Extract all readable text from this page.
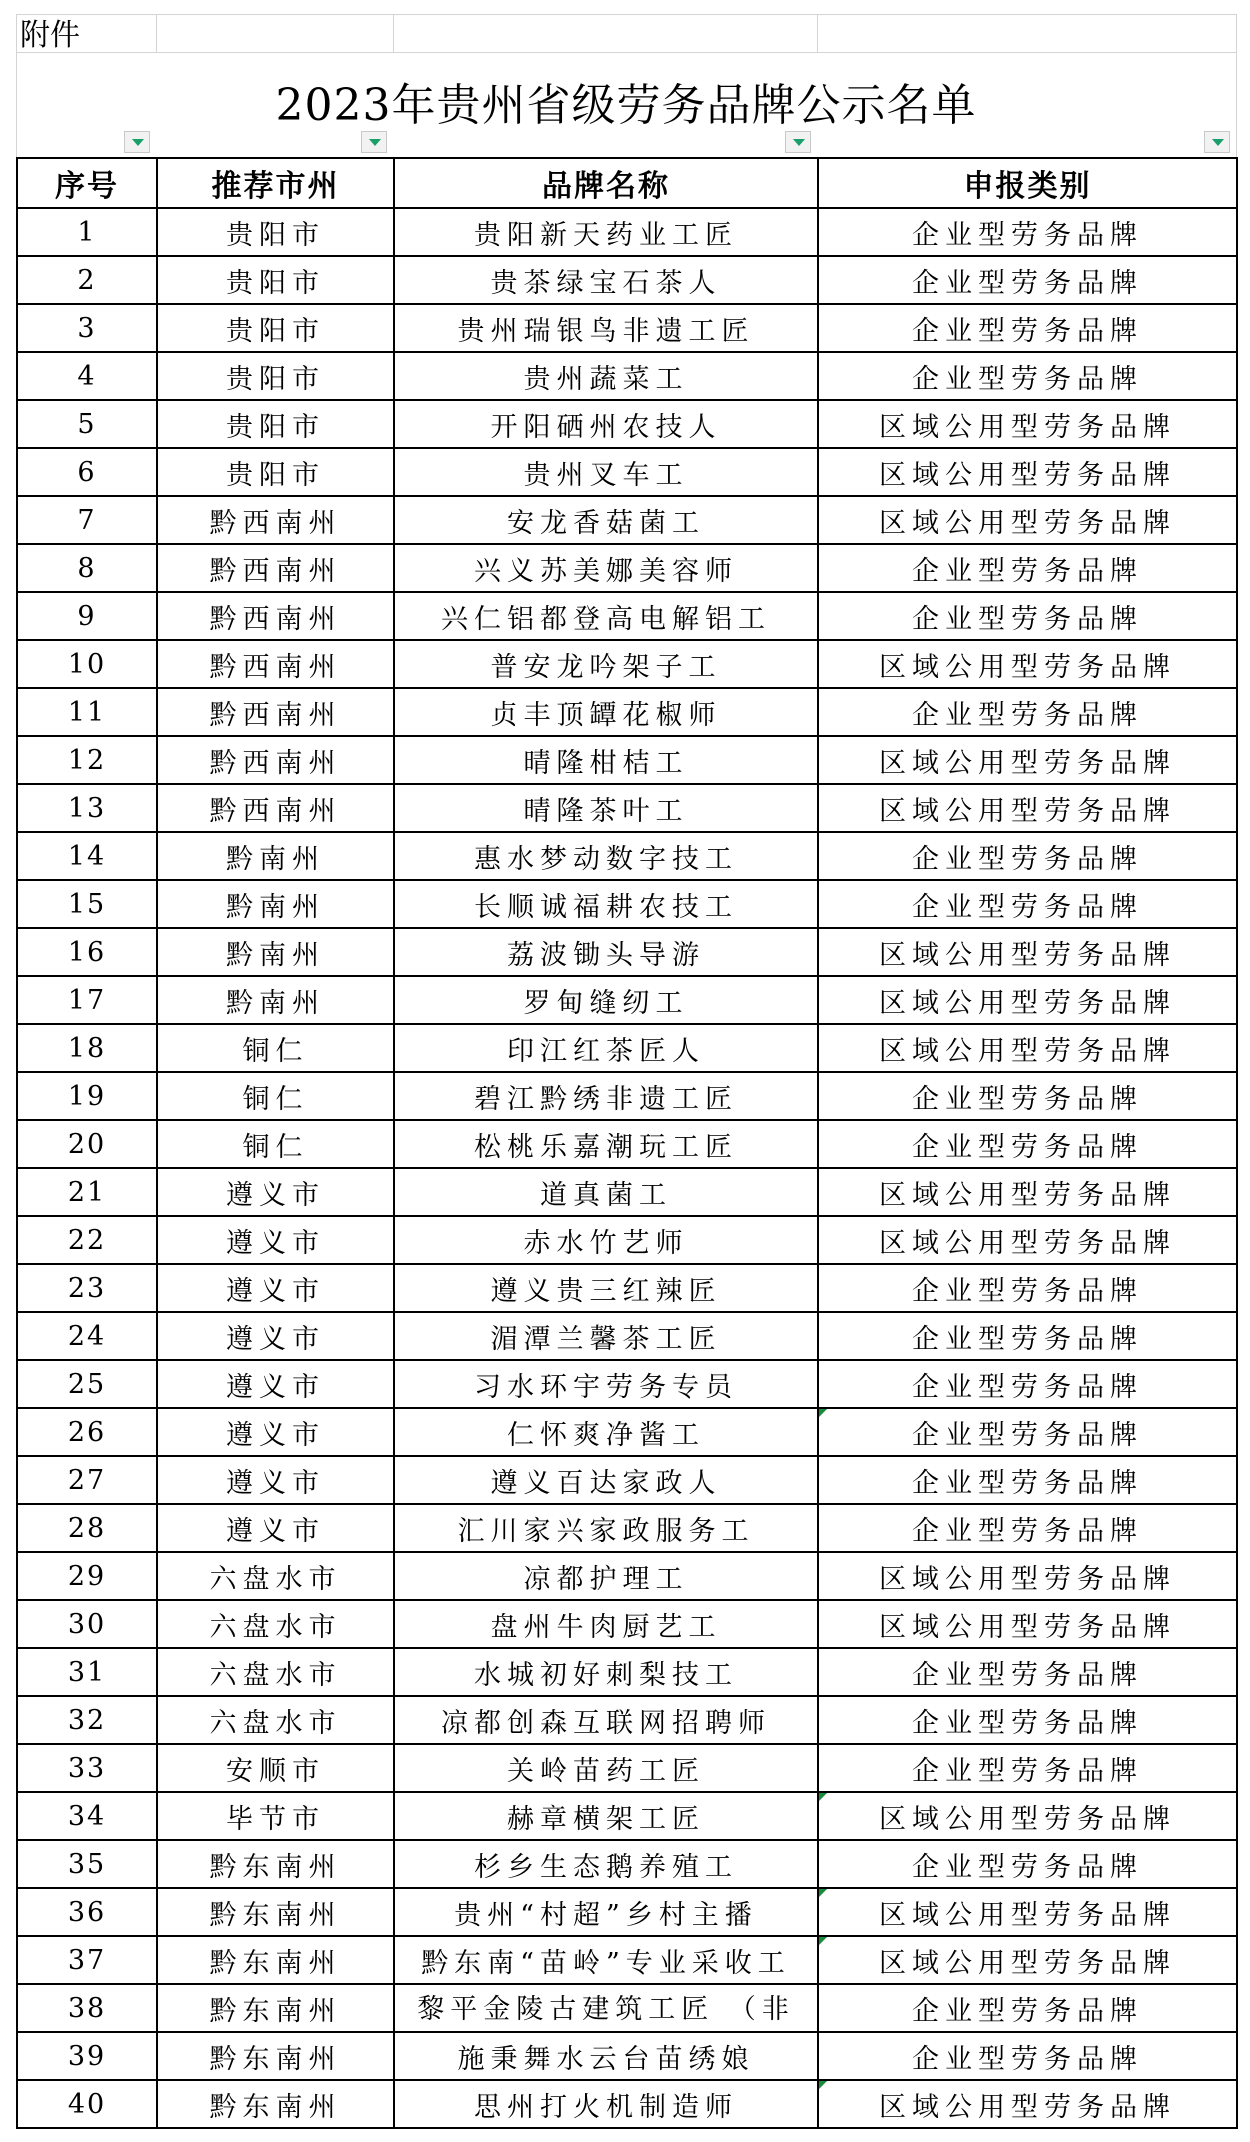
附件
2023年贵州省级劳务品牌公示名单
序号	推荐市州	品牌名称	申报类别
1	贵阳市	贵阳新天药业工匠	企业型劳务品牌
2	贵阳市	贵茶绿宝石茶人	企业型劳务品牌
3	贵阳市	贵州瑞银鸟非遗工匠	企业型劳务品牌
4	贵阳市	贵州蔬菜工	企业型劳务品牌
5	贵阳市	开阳硒州农技人	区域公用型劳务品牌
6	贵阳市	贵州叉车工	区域公用型劳务品牌
7	黔西南州	安龙香菇菌工	区域公用型劳务品牌
8	黔西南州	兴义苏美娜美容师	企业型劳务品牌
9	黔西南州	兴仁铝都登高电解铝工	企业型劳务品牌
10	黔西南州	普安龙吟架子工	区域公用型劳务品牌
11	黔西南州	贞丰顶罈花椒师	企业型劳务品牌
12	黔西南州	晴隆柑桔工	区域公用型劳务品牌
13	黔西南州	晴隆茶叶工	区域公用型劳务品牌
14	黔南州	惠水梦动数字技工	企业型劳务品牌
15	黔南州	长顺诚福耕农技工	企业型劳务品牌
16	黔南州	荔波锄头导游	区域公用型劳务品牌
17	黔南州	罗甸缝纫工	区域公用型劳务品牌
18	铜仁	印江红茶匠人	区域公用型劳务品牌
19	铜仁	碧江黔绣非遗工匠	企业型劳务品牌
20	铜仁	松桃乐嘉潮玩工匠	企业型劳务品牌
21	遵义市	道真菌工	区域公用型劳务品牌
22	遵义市	赤水竹艺师	区域公用型劳务品牌
23	遵义市	遵义贵三红辣匠	企业型劳务品牌
24	遵义市	湄潭兰馨茶工匠	企业型劳务品牌
25	遵义市	习水环宇劳务专员	企业型劳务品牌
26	遵义市	仁怀爽净酱工	企业型劳务品牌

27	遵义市	遵义百达家政人	企业型劳务品牌
28	遵义市	汇川家兴家政服务工	企业型劳务品牌
29	六盘水市	凉都护理工	区域公用型劳务品牌
30	六盘水市	盘州牛肉厨艺工	区域公用型劳务品牌
31	六盘水市	水城初好刺梨技工	企业型劳务品牌
32	六盘水市	凉都创森互联网招聘师	企业型劳务品牌
33	安顺市	关岭苗药工匠	企业型劳务品牌
34	毕节市	赫章横架工匠	区域公用型劳务品牌

35	黔东南州	杉乡生态鹅养殖工	企业型劳务品牌
36	黔东南州	贵州“村超”乡村主播	区域公用型劳务品牌

37	黔东南州	黔东南“苗岭”专业采收工	区域公用型劳务品牌

38	黔东南州	黎平金陵古建筑工匠 （非	企业型劳务品牌
39	黔东南州	施秉舞水云台苗绣娘	企业型劳务品牌
40	黔东南州	思州打火机制造师	区域公用型劳务品牌
